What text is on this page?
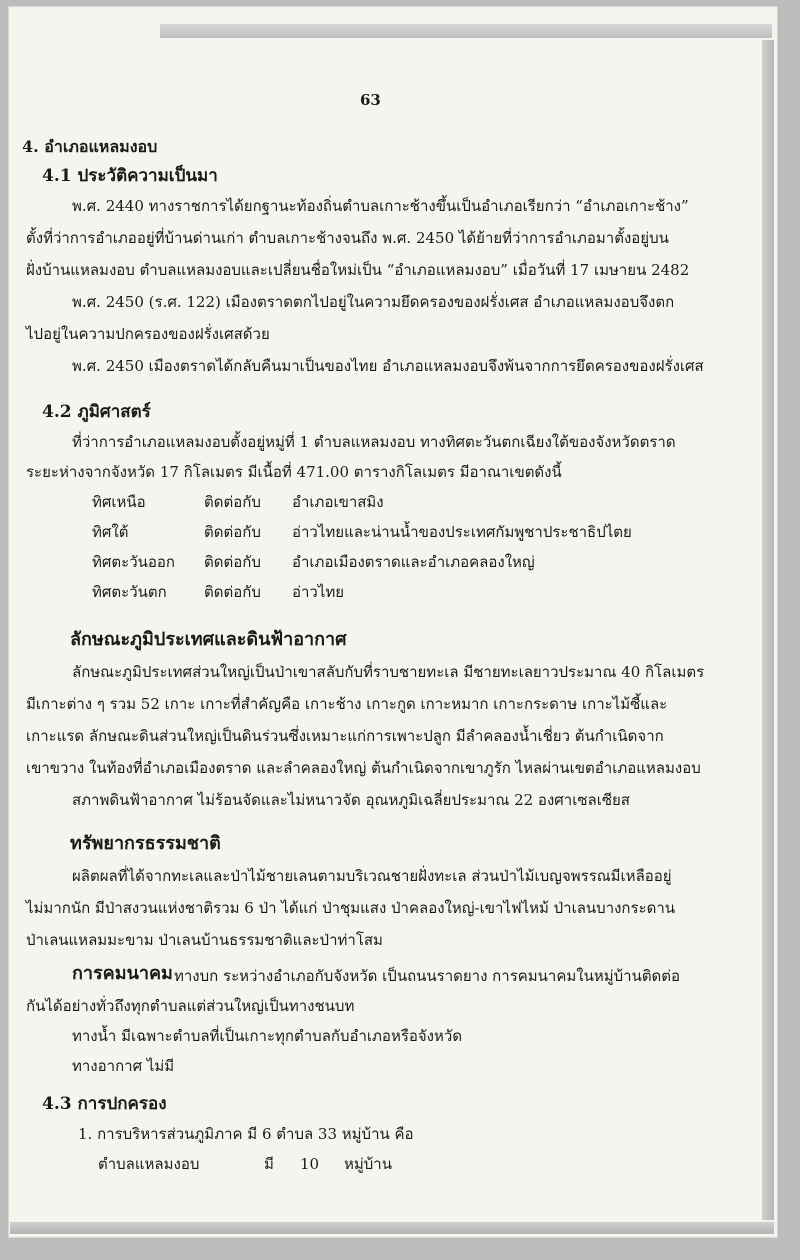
63
4. อำเภอแหลมงอบ
4.1 ประวัติความเป็นมา
พ.ศ. 2440 ทางราชการได้ยกฐานะท้องถิ่นตำบลเกาะช้างขึ้นเป็นอำเภอเรียกว่า “อำเภอเกาะช้าง”
ตั้งที่ว่าการอำเภออยู่ที่บ้านด่านเก่า ตำบลเกาะช้างจนถึง พ.ศ. 2450 ได้ย้ายที่ว่าการอำเภอมาตั้งอยู่บน
ฝั่งบ้านแหลมงอบ ตำบลแหลมงอบและเปลี่ยนชื่อใหม่เป็น “อำเภอแหลมงอบ” เมื่อวันที่ 17 เมษายน 2482
พ.ศ. 2450 (ร.ศ. 122) เมืองตราดตกไปอยู่ในความยึดครองของฝรั่งเศส อำเภอแหลมงอบจึงตก
ไปอยู่ในความปกครองของฝรั่งเศสด้วย
พ.ศ. 2450 เมืองตราดได้กลับคืนมาเป็นของไทย อำเภอแหลมงอบจึงพ้นจากการยึดครองของฝรั่งเศส
4.2 ภูมิศาสตร์
ที่ว่าการอำเภอแหลมงอบตั้งอยู่หมู่ที่ 1 ตำบลแหลมงอบ ทางทิศตะวันตกเฉียงใต้ของจังหวัดตราด
ระยะห่างจากจังหวัด 17 กิโลเมตร มีเนื้อที่ 471.00 ตารางกิโลเมตร มีอาณาเขตดังนี้
ทิศเหนือ	ติดต่อกับ อำเภอเขาสมิง
ทิศใต้	ติดต่อกับ อ่าวไทยและน่านน้ำของประเทศกัมพูชาประชาธิปไตย
ทิศตะวันออก ติดต่อกับ อำเภอเมืองตราดและอำเภอคลองใหญ่
ทิศตะวันตก ติดต่อกับ อ่าวไทย
ลักษณะภูมิประเทศและดินฟ้าอากาศ
ลักษณะภูมิประเทศส่วนใหญ่เป็นป่าเขาสลับกับที่ราบชายทะเล มีชายทะเลยาวประมาณ 40 กิโลเมตร
มีเกาะต่าง ๆ รวม 52 เกาะ เกาะที่สำคัญคือ เกาะช้าง เกาะกูด เกาะหมาก เกาะกระดาษ เกาะไม้ซี้และ
เกาะแรด ลักษณะดินส่วนใหญ่เป็นดินร่วนซึ่งเหมาะแก่การเพาะปลูก มีลำคลองน้ำเชี่ยว ต้นกำเนิดจาก
เขาขวาง ในท้องที่อำเภอเมืองตราด และลำคลองใหญ่ ต้นกำเนิดจากเขาภูรัก ไหลผ่านเขตอำเภอแหลมงอบ
สภาพดินฟ้าอากาศ ไม่ร้อนจัดและไม่หนาวจัด อุณหภูมิเฉลี่ยประมาณ 22 องศาเซลเซียส
ทรัพยากรธรรมชาติ
ผลิตผลที่ได้จากทะเลและป่าไม้ชายเลนตามบริเวณชายฝั่งทะเล ส่วนป่าไม้เบญจพรรณมีเหลืออยู่
ไม่มากนัก มีป่าสงวนแห่งชาติรวม 6 ป่า ได้แก่ ป่าชุมแสง ป่าคลองใหญ่-เขาไฟไหม้ ป่าเลนบางกระดาน
ป่าเลนแหลมมะขาม ป่าเลนบ้านธรรมชาติและป่าท่าโสม
การคมนาคม ทางบก ระหว่างอำเภอกับจังหวัด เป็นถนนราดยาง การคมนาคมในหมู่บ้านติดต่อ
กันได้อย่างทั่วถึงทุกตำบลแต่ส่วนใหญ่เป็นทางชนบท
ทางน้ำ มีเฉพาะตำบลที่เป็นเกาะทุกตำบลกับอำเภอหรือจังหวัด
ทางอากาศ ไม่มี
4.3 การปกครอง
1. การบริหารส่วนภูมิภาค มี 6 ตำบล 33 หมู่บ้าน คือ
ตำบลแหลมงอบ	มี 10 หมู่บ้าน
